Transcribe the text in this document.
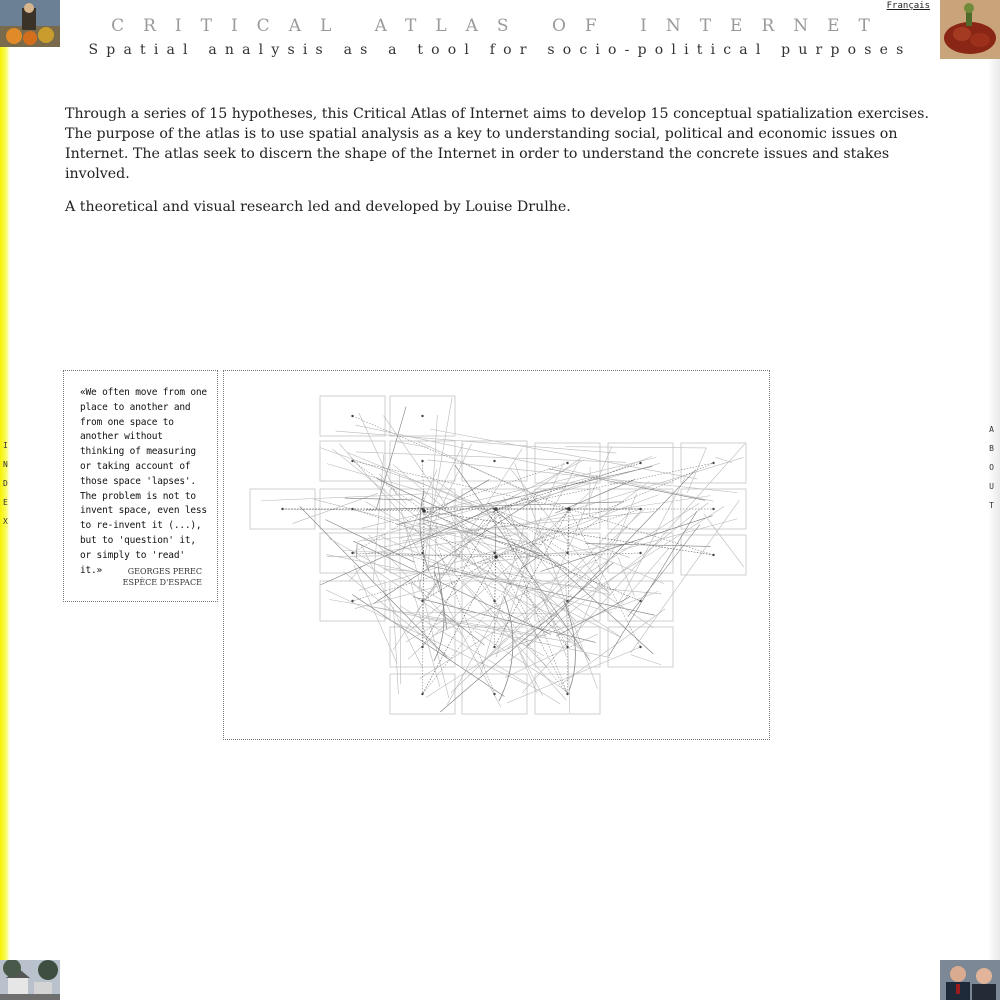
Français
CRITICAL ATLAS OF INTERNET
Spatial analysis as a tool for socio-political purposes

Through a series of 15 hypotheses, this Critical Atlas of Internet aims to develop 15 conceptual spatialization exercises. The purpose of the atlas is to use spatial analysis as a key to understanding social, political and economic issues on Internet. The atlas seek to discern the shape of the Internet in order to understand the concrete issues and stakes involved.

A theoretical and visual research led and developed by Louise Drulhe.

I
N
D
E
X
A
B
O
U
T
«We often move from one place to another and from one space to another without thinking of measuring or taking account of those space 'lapses'. The problem is not to invent space, even less to re-invent it (...), but to 'question' it, or simply to 'read' it.»	GEORGES PEREC
ESPÈCE D'ESPACE
